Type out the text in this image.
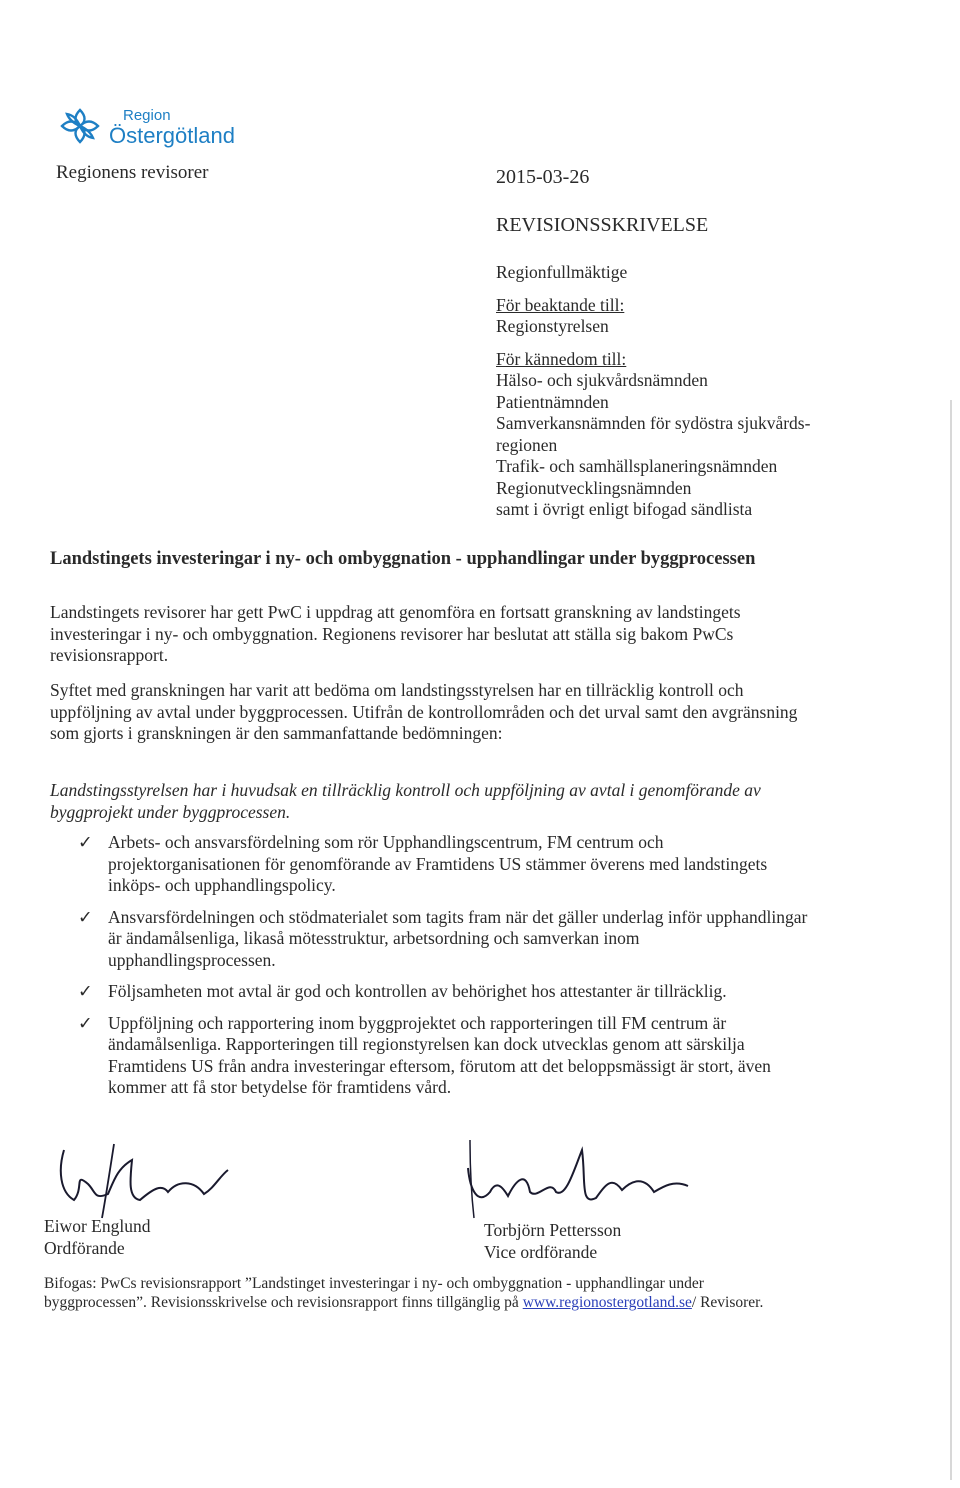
Region
Östergötland
Regionens revisorer	2015-03-26
REVISIONSSKRIVELSE
Regionfullmäktige
För beaktande till:
Regionstyrelsen
För kännedom till:
Hälso- och sjukvårdsnämnden
Patientnämnden
Samverkansnämnden för sydöstra sjukvårds-
regionen
Trafik- och samhällsplaneringsnämnden
Regionutvecklingsnämnden
samt i övrigt enligt bifogad sändlista
Landstingets investeringar i ny- och ombyggnation - upphandlingar under byggprocessen
Landstingets revisorer har gett PwC i uppdrag att genomföra en fortsatt granskning av landstingets investeringar i ny- och ombyggnation. Regionens revisorer har beslutat att ställa sig bakom PwCs revisionsrapport.
Syftet med granskningen har varit att bedöma om landstingsstyrelsen har en tillräcklig kontroll och uppföljning av avtal under byggprocessen. Utifrån de kontrollområden och det urval samt den avgränsning som gjorts i granskningen är den sammanfattande bedömningen:
Landstingsstyrelsen har i huvudsak en tillräcklig kontroll och uppföljning av avtal i genomförande av byggprojekt under byggprocessen.
✓ Arbets- och ansvarsfördelning som rör Upphandlingscentrum, FM centrum och projektorganisationen för genomförande av Framtidens US stämmer överens med landstingets inköps- och upphandlingspolicy.
✓ Ansvarsfördelningen och stödmaterialet som tagits fram när det gäller underlag inför upphandlingar är ändamålsenliga, likaså mötesstruktur, arbetsordning och samverkan inom upphandlingsprocessen.
✓ Följsamheten mot avtal är god och kontrollen av behörighet hos attestanter är tillräcklig.
✓ Uppföljning och rapportering inom byggprojektet och rapporteringen till FM centrum är ändamålsenliga. Rapporteringen till regionstyrelsen kan dock utvecklas genom att särskilja Framtidens US från andra investeringar eftersom, förutom att det beloppsmässigt är stort, även kommer att få stor betydelse för framtidens vård.
Eiwor Englund
Ordförande
Torbjörn Pettersson
Vice ordförande
Bifogas: PwCs revisionsrapport ”Landstinget investeringar i ny- och ombyggnation - upphandlingar under byggprocessen”. Revisionsskrivelse och revisionsrapport finns tillgänglig på www.regionostergotland.se/ Revisorer.
